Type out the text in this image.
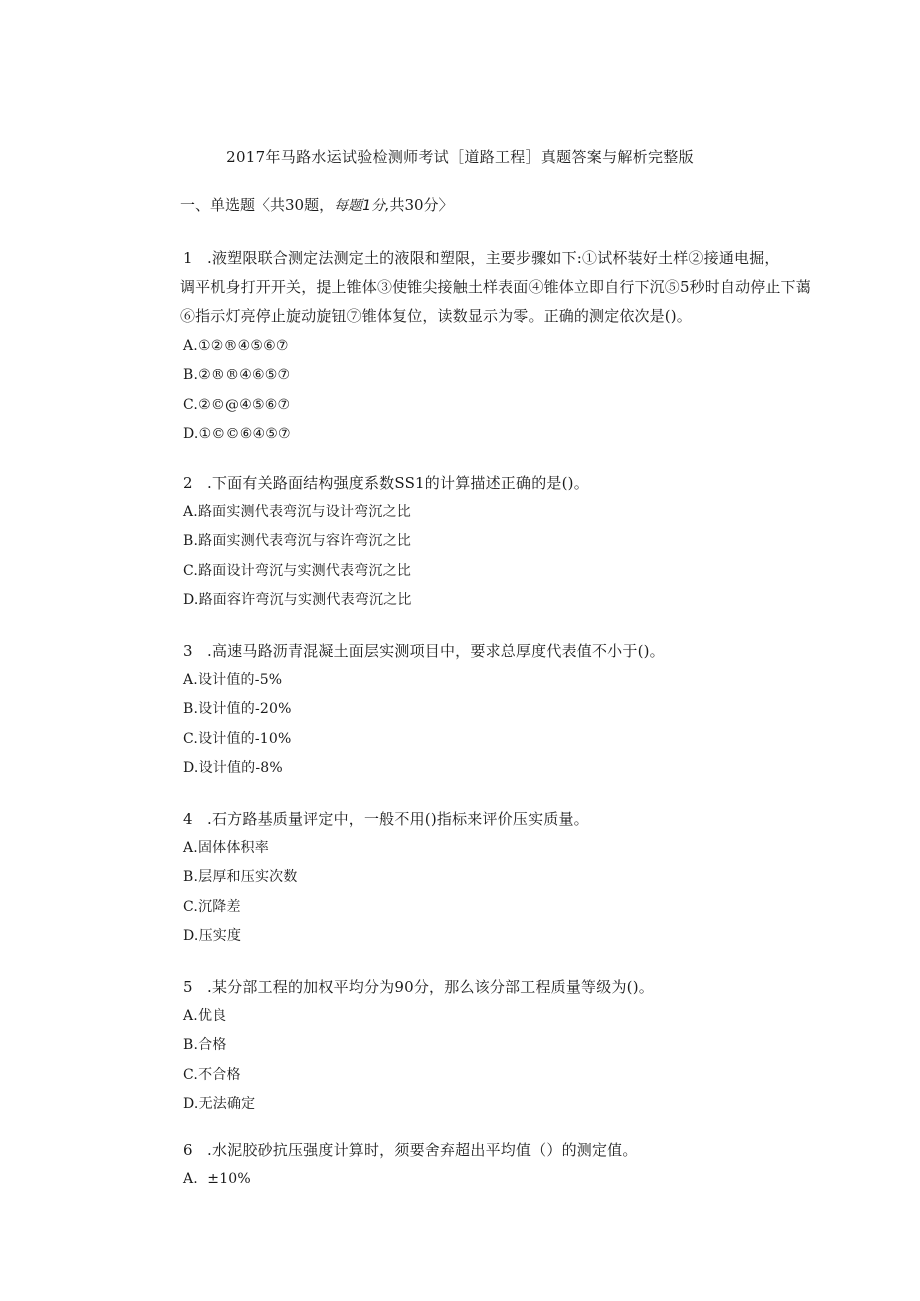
2017年马路水运试验检测师考试［道路工程］真题答案与解析完整版
一、单选题〈共30题，每题1分,共30分〉
1 .液塑限联合测定法测定土的液限和塑限，主要步骤如下:①试杯装好土样②接通电掘，
调平机身打开开关，提上锥体③使锥尖接触土样表面④锥体立即自行下沉⑤5秒时自动停止下蔼
⑥指示灯亮停止旋动旋钮⑦锥体复位，读数显示为零。正确的测定依次是()。
A.①②®④⑤⑥⑦
B.②®®④⑥⑤⑦
C.②©@④⑤⑥⑦
D.①©©⑥④⑤⑦
2 .下面有关路面结构强度系数SS1的计算描述正确的是()。
A.路面实测代表弯沉与设计弯沉之比
B.路面实测代表弯沉与容许弯沉之比
C.路面设计弯沉与实测代表弯沉之比
D.路面容许弯沉与实测代表弯沉之比
3 .高速马路沥青混凝土面层实测项目中，要求总厚度代表值不小于()。
A.设计值的-5%
B.设计值的-20%
C.设计值的-10%
D.设计值的-8%
4 .石方路基质量评定中，一般不用()指标来评价压实质量。
A.固体体积率
B.层厚和压实次数
C.沉降差
D.压实度
5 .某分部工程的加权平均分为90分，那么该分部工程质量等级为()。
A.优良
B.合格
C.不合格
D.无法确定
6 .水泥胶砂抗压强度计算时，须要舍弃超出平均值（）的测定值。
A.  ±10%
